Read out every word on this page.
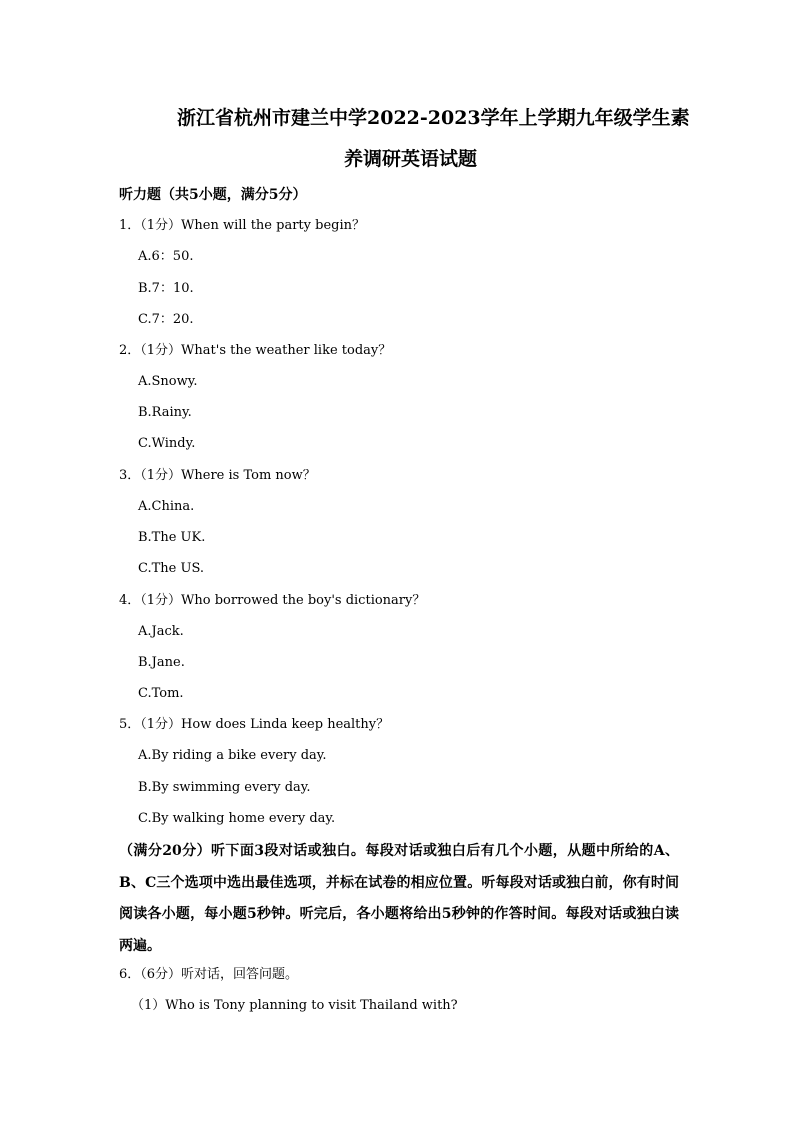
浙江省杭州市建兰中学2022-2023学年上学期九年级学生素
养调研英语试题
听力题（共5小题，满分5分）
1．（1分）When will the party begin？
A.6：50.
B.7：10.
C.7：20.
2．（1分）What's the weather like today？
A.Snowy.
B.Rainy.
C.Windy.
3．（1分）Where is Tom now？
A.China.
B.The UK.
C.The US.
4．（1分）Who borrowed the boy's dictionary？
A.Jack.
B.Jane.
C.Tom.
5．（1分）How does Linda keep healthy？
A.By riding a bike every day.
B.By swimming every day.
C.By walking home every day.
（满分20分）听下面3段对话或独白。每段对话或独白后有几个小题，从题中所给的A、B、C三个选项中选出最佳选项，并标在试卷的相应位置。听每段对话或独白前，你有时间阅读各小题，每小题5秒钟。听完后，各小题将给出5秒钟的作答时间。每段对话或独白读两遍。
6．（6分）听对话，回答问题。
（1）Who is Tony planning to visit Thailand with?
